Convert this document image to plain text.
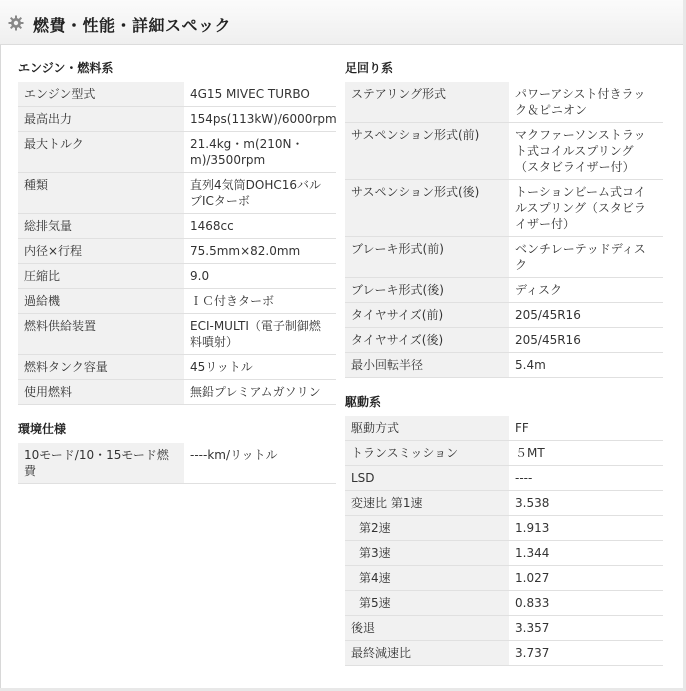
燃費・性能・詳細スペック
エンジン・燃料系
エンジン型式	4G15 MIVEC TURBO
最高出力	154ps(113kW)/6000rpm
最大トルク	21.4kg・m(210N・m)/3500rpm
種類	直列4気筒DOHC16バルブICターボ
総排気量	1468cc
内径×行程	75.5mm×82.0mm
圧縮比	9.0
過給機	ＩＣ付きターボ
燃料供給装置	ECI-MULTI（電子制御燃料噴射）
燃料タンク容量	45リットル
使用燃料	無鉛プレミアムガソリン
環境仕様
10モード/10・15モード燃費	----km/リットル
足回り系
ステアリング形式	パワーアシスト付きラック＆ピニオン
サスペンション形式(前)	マクファーソンストラット式コイルスプリング（スタビライザー付）
サスペンション形式(後)	トーションビーム式コイルスプリング（スタビライザー付）
ブレーキ形式(前)	ベンチレーテッドディスク
ブレーキ形式(後)	ディスク
タイヤサイズ(前)	205/45R16
タイヤサイズ(後)	205/45R16
最小回転半径	5.4m
駆動系
駆動方式	FF
トランスミッション	５MT
LSD	----
変速比 第1速	3.538
第2速	1.913
第3速	1.344
第4速	1.027
第5速	0.833
後退	3.357
最終減速比	3.737
